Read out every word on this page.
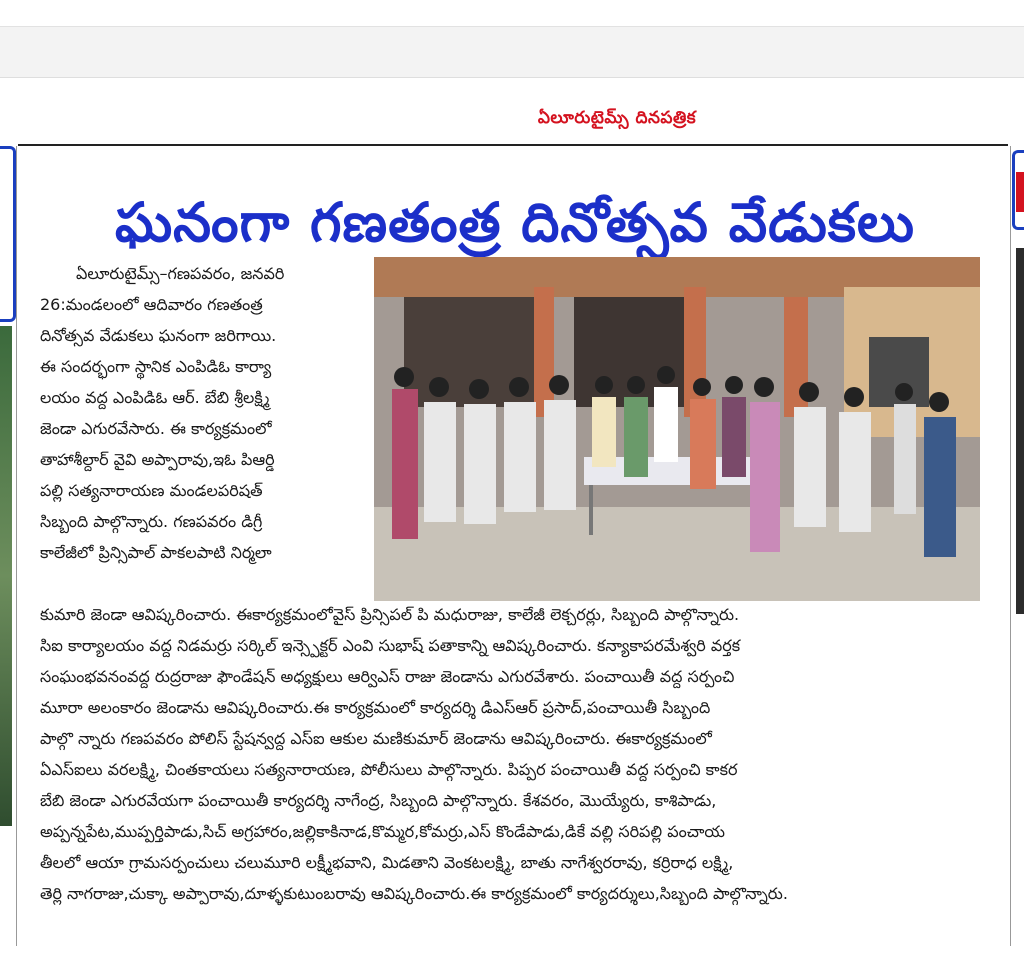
ఏలూరుటైమ్స్ దినపత్రిక
ఘనంగా గణతంత్ర దినోత్సవ వేడుకలు
ఏలూరుటైమ్స్–గణపవరం, జనవరి
26:మండలంలో ఆదివారం గణతంత్ర
దినోత్సవ వేడుకలు ఘనంగా జరిగాయి.
ఈ సందర్భంగా స్థానిక ఎంపిడిఓ కార్యా
లయం వద్ద ఎంపిడిఓ ఆర్. బేబి శ్రీలక్ష్మి
జెండా ఎగురవేసారు. ఈ కార్యక్రమంలో
తాహాశీల్దార్ వైవి అప్పారావు,ఇఓ పిఆర్డి
పల్లి సత్యనారాయణ మండలపరిషత్
సిబ్బంది పాల్గొన్నారు. గణపవరం డిగ్రీ
కాలేజీలో ప్రిన్సిపాల్ పాకలపాటి నిర్మలా
కుమారి జెండా ఆవిష్కరించారు. ఈకార్యక్రమంలోవైస్ ప్రిన్సిపల్ పి మధురాజు, కాలేజీ లెక్చరర్లు, సిబ్బంది పాల్గొన్నారు.
సిఐ కార్యాలయం వద్ద నిడమర్రు సర్కిల్ ఇన్స్పెక్టర్ ఎంవి సుభాష్ పతాకాన్ని ఆవిష్కరించారు. కన్యాకాపరమేశ్వరి వర్తక
సంఘంభవనంవద్ద రుద్రరాజు ఫౌండేషన్ అధ్యక్షులు ఆర్విఎస్ రాజు జెండాను ఎగురవేశారు. పంచాయితీ వద్ద సర్పంచి
మూరా అలంకారం జెండాను ఆవిష్కరించారు.ఈ కార్యక్రమంలో కార్యదర్శి డిఎస్ఆర్ ప్రసాద్,పంచాయితీ సిబ్బంది
పాల్గొ న్నారు గణపవరం పోలిస్ స్టేషన్వద్ద ఎస్ఐ ఆకుల మణికుమార్ జెండాను ఆవిష్కరించారు. ఈకార్యక్రమంలో
ఏఎస్ఐలు వరలక్ష్మి, చింతకాయలు సత్యనారాయణ, పోలీసులు పాల్గొన్నారు. పిప్పర పంచాయితీ వద్ద సర్పంచి కాకర
బేబి జెండా ఎగురవేయగా పంచాయితీ కార్యదర్శి నాగేంద్ర, సిబ్బంది పాల్గొన్నారు. కేశవరం, మొయ్యేరు, కాశిపాడు,
అప్పన్నపేట,ముప్పర్తిపాడు,సిచ్ అగ్రహారం,జల్లికాకినాడ,కొమ్మర,కోమర్రు,ఎస్ కొండేపాడు,డికే వల్లి సరిపల్లి పంచాయ
తీలలో ఆయా గ్రామసర్పంచులు చలుమూరి లక్ష్మీభవాని, మిడతాని వెంకటలక్ష్మి, బాతు నాగేశ్వరరావు, కర్రిరాధ లక్ష్మి,
తెర్లి నాగరాజు,చుక్కా అప్పారావు,దూళ్ళకుటుంబరావు ఆవిష్కరించారు.ఈ కార్యక్రమంలో కార్యదర్శులు,సిబ్బంది పాల్గొన్నారు.
